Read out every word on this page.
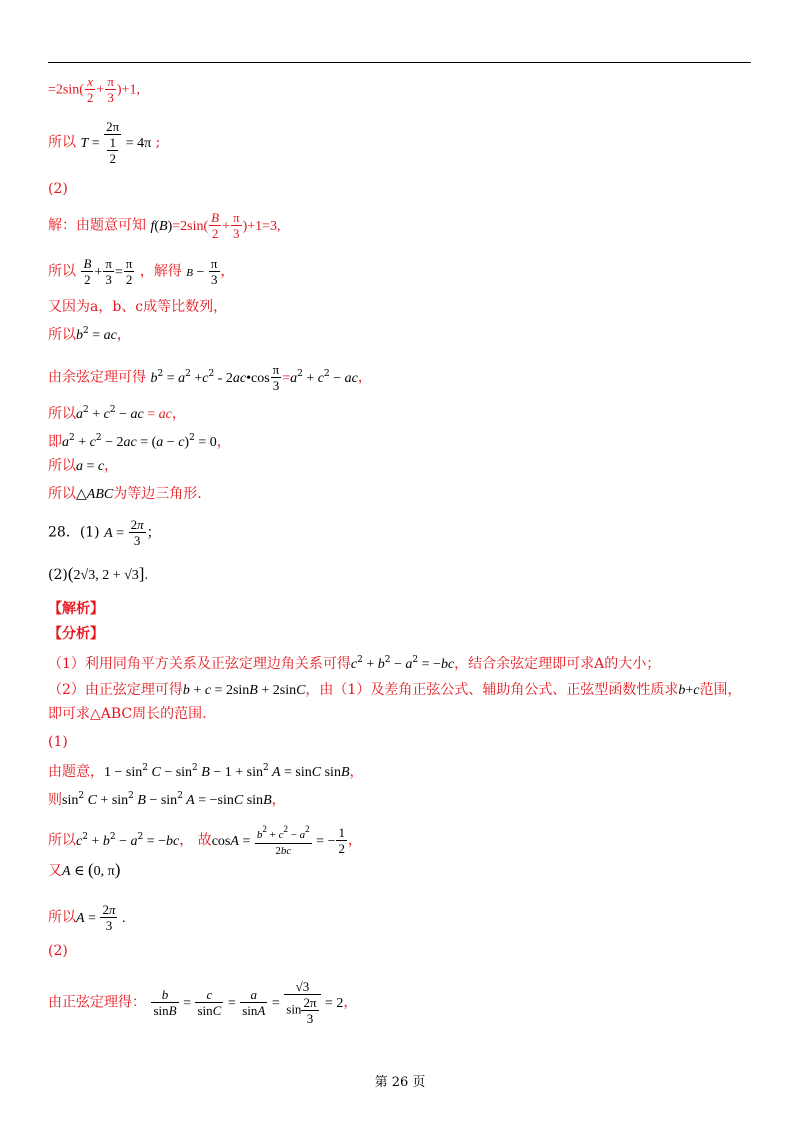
$=2\sin( \frac{x}{2} + \frac{\pi}{3} )+1$,
所以 $T = \frac{2\pi}{\frac{1}{2}} = 4\pi$ ;
(2)
解：由题意可知 $f(B)=2\sin( \frac{B}{2} + \frac{\pi}{3} )+1=3$,
所以 $\frac{B}{2} + \frac{\pi}{3} = \frac{\pi}{2}$ ，解得 $B - \frac{\pi}{3}$ ，
又因为a，b、c成等比数列，
所以$b^2$ = ac，
由余弦定理可得 $b^2 = a^2 +c^2$ - 2ac•cos $\frac{\pi}{3} =a^2 + c^2$ − ac，
所以$a^2 + c^2$ − ac = ac，
即$a^2 + c^2 - 2ac = (a - c)^2 = 0$，
所以a = c，
所以△ABC为等边三角形.
28．(1) $A = \frac{2\pi}{3}$ ；
(2)(2√3, 2 + √3].
【解析】
【分析】
（1）利用同角平方关系及正弦定理边角关系可得$c^2 + b^2 - a^2 = -bc$，结合余弦定理即可求A的大小；
（2）由正弦定理可得b + c = 2sinB + 2sinC，由（1）及差角正弦公式、辅助角公式、正弦型函数性质求b+c范围，
即可求△ABC周长的范围.
(1)
由题意，$1 - \sin^2 C - \sin^2 B - 1 + \sin^2 A = \sin C$ sinB，
则$\sin^2 C + \sin^2 B - \sin^2 A = -\sin C$ sinB，
所以$c^2 + b^2 - a^2 = -bc$， 故$\cos A = \frac{b^2 + c^2 - a^2}{2bc}$ = − $\frac{1}{2}$ ，
又A ∈ (0, π)
所以$A = \frac{2\pi}{3}$ .
(2)
由正弦定理得： $\frac{b}{\sin B} = \frac{c}{\sin C} = \frac{a}{\sin A} = \frac{√3}{\sin \frac{2\pi}{3}} = 2$，
第 26 页
